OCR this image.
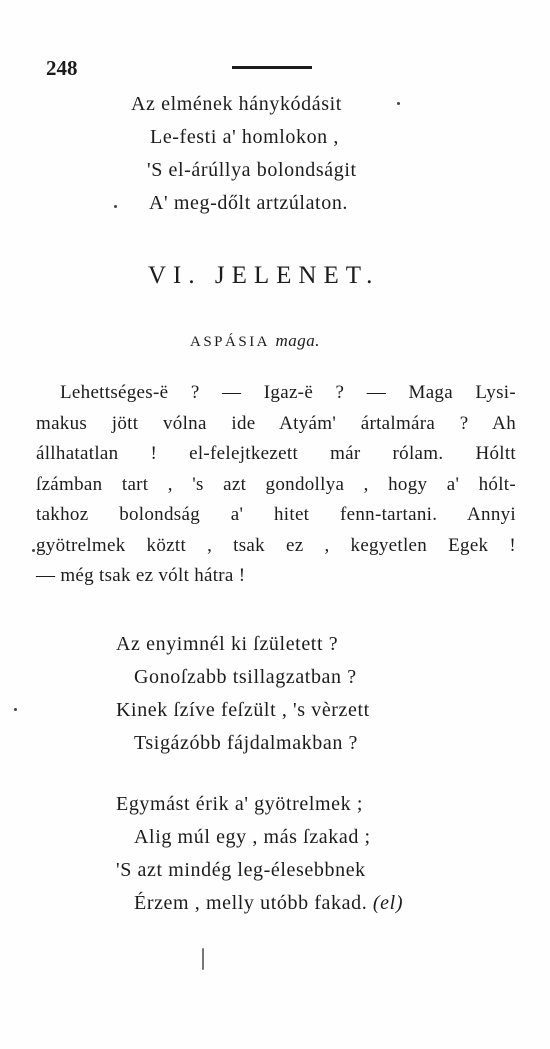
248
Az elmének hánykódásit
Le-festi a' homlokon ,
'S el-árúllya bolondságit
A' meg-dőlt artzúlaton.
VI. JELENET.
ASPÁSIA maga.
Lehettséges-ë ? — Igaz-ë ? — Maga Lysi-
makus jött vólna ide Atyám' ártalmára ? Ah
állhatatlan ! el-felejtkezett már rólam. Hóltt
ſzámban tart , 's azt gondollya , hogy a' hólt-
takhoz bolondság a' hitet fenn-tartani. Annyi
gyötrelmek köztt , tsak ez , kegyetlen Egek !
— még tsak ez vólt hátra !
Az enyimnél ki ſzületett ?
Gonoſzabb tsillagzatban ?
Kinek ſzíve feſzült , 's vèrzett
Tsigázóbb fájdalmakban ?
Egymást érik a' gyötrelmek ;
Alig múl egy , más ſzakad ;
'S azt mindég leg-élesebbnek
Érzem , melly utóbb fakad. (el)
